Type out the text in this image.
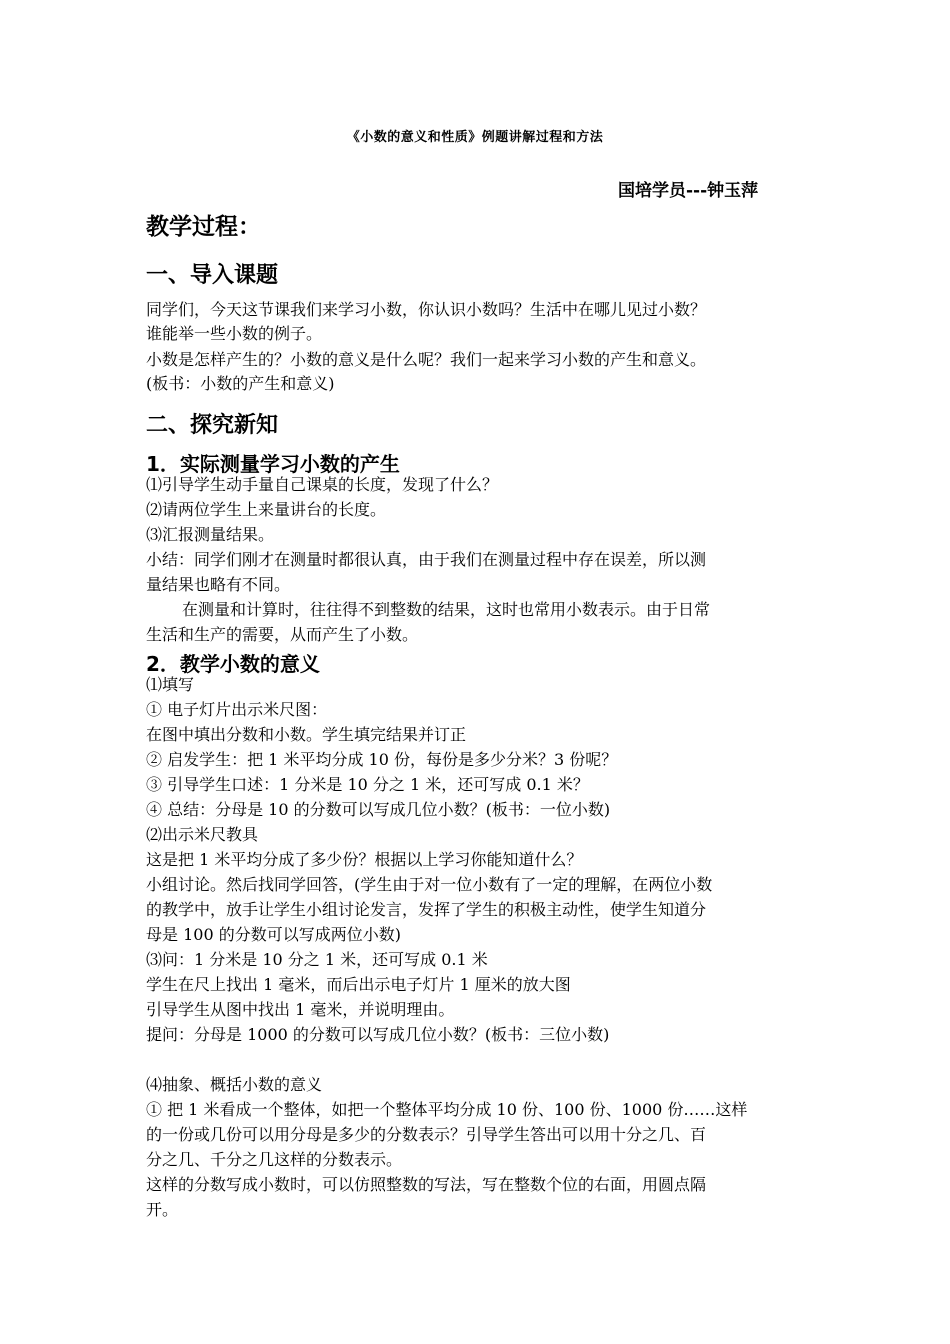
《小数的意义和性质》例题讲解过程和方法
国培学员---钟玉萍
教学过程：
一、导入课题
同学们，今天这节课我们来学习小数，你认识小数吗？生活中在哪儿见过小数？
谁能举一些小数的例子。
小数是怎样产生的？小数的意义是什么呢？我们一起来学习小数的产生和意义。
(板书：小数的产生和意义)
二、探究新知
1．实际测量学习小数的产生
⑴引导学生动手量自己课桌的长度，发现了什么？
⑵请两位学生上来量讲台的长度。
⑶汇报测量结果。
小结：同学们刚才在测量时都很认真，由于我们在测量过程中存在误差，所以测
量结果也略有不同。
在测量和计算时，往往得不到整数的结果，这时也常用小数表示。由于日常
生活和生产的需要，从而产生了小数。
2．教学小数的意义
⑴填写
① 电子灯片出示米尺图：
在图中填出分数和小数。学生填完结果并订正
② 启发学生：把 1 米平均分成 10 份，每份是多少分米？3 份呢？
③ 引导学生口述：1 分米是 10 分之 1 米，还可写成 0.1 米？
④ 总结：分母是 10 的分数可以写成几位小数？(板书：一位小数)
⑵出示米尺教具
这是把 1 米平均分成了多少份？根据以上学习你能知道什么？
小组讨论。然后找同学回答，(学生由于对一位小数有了一定的理解，在两位小数
的教学中，放手让学生小组讨论发言，发挥了学生的积极主动性，使学生知道分
母是 100 的分数可以写成两位小数)
⑶问：1 分米是 10 分之 1 米，还可写成 0.1 米
学生在尺上找出 1 毫米，而后出示电子灯片 1 厘米的放大图
引导学生从图中找出 1 毫米，并说明理由。
提问：分母是 1000 的分数可以写成几位小数？(板书：三位小数)
⑷抽象、概括小数的意义
① 把 1 米看成一个整体，如把一个整体平均分成 10 份、100 份、1000 份……这样
的一份或几份可以用分母是多少的分数表示？引导学生答出可以用十分之几、百
分之几、千分之几这样的分数表示。
这样的分数写成小数时，可以仿照整数的写法，写在整数个位的右面，用圆点隔
开。
